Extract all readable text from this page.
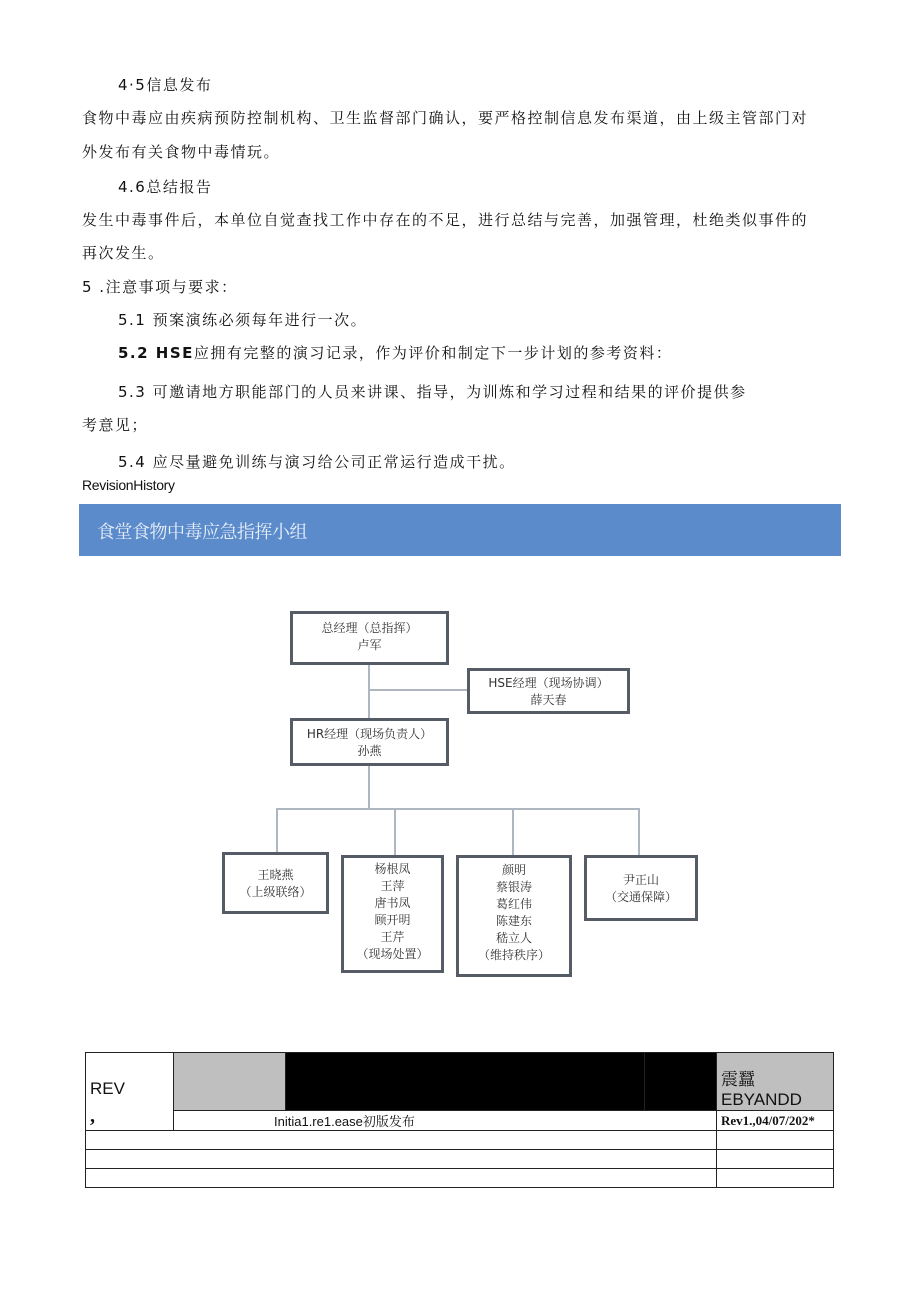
4·5信息发布
食物中毒应由疾病预防控制机构、卫生监督部门确认，要严格控制信息发布渠道，由上级主管部门对
外发布有关食物中毒情玩。
4.6总结报告
发生中毒事件后，本单位自觉查找工作中存在的不足，进行总结与完善，加强管理，杜绝类似事件的
再次发生。
5 .注意事项与要求：
5.1 预案演练必须每年进行一次。
5.2 HSE应拥有完整的演习记录，作为评价和制定下一步计划的参考资料：
5.3 可邀请地方职能部门的人员来讲课、指导，为训炼和学习过程和结果的评价提供参
考意见；
5.4 应尽量避免训练与演习给公司正常运行造成干扰。
RevisionHistory
食堂食物中毒应急指挥小组
总经理（总指挥）
卢军
HSE经理（现场协调）
薛天春
HR经理（现场负责人）
孙燕
王晓燕
（上级联络）
杨根凤
王萍
唐书凤
顾开明
王芹
（现场处置）
颜明
蔡银涛
葛红伟
陈建东
嵇立人
（维持秩序）
尹正山
（交通保障）
REV				震蠶EBYANDD
,	Initia1.re1.ease初版发布			Rev1.,04/07/202*
